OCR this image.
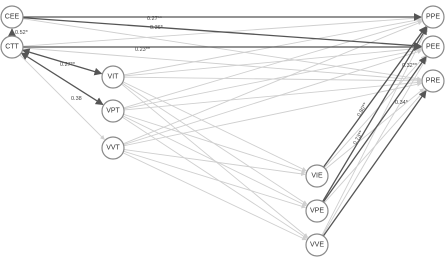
0.27**
0.36*
0.52*
0.23**
0.27**
0.38
0.80**
0.73**
0.32**
0.34*
CEE
CTT
VIT
VPT
VVT
VIE
VPE
VVE
PPE
PEE
PRE
